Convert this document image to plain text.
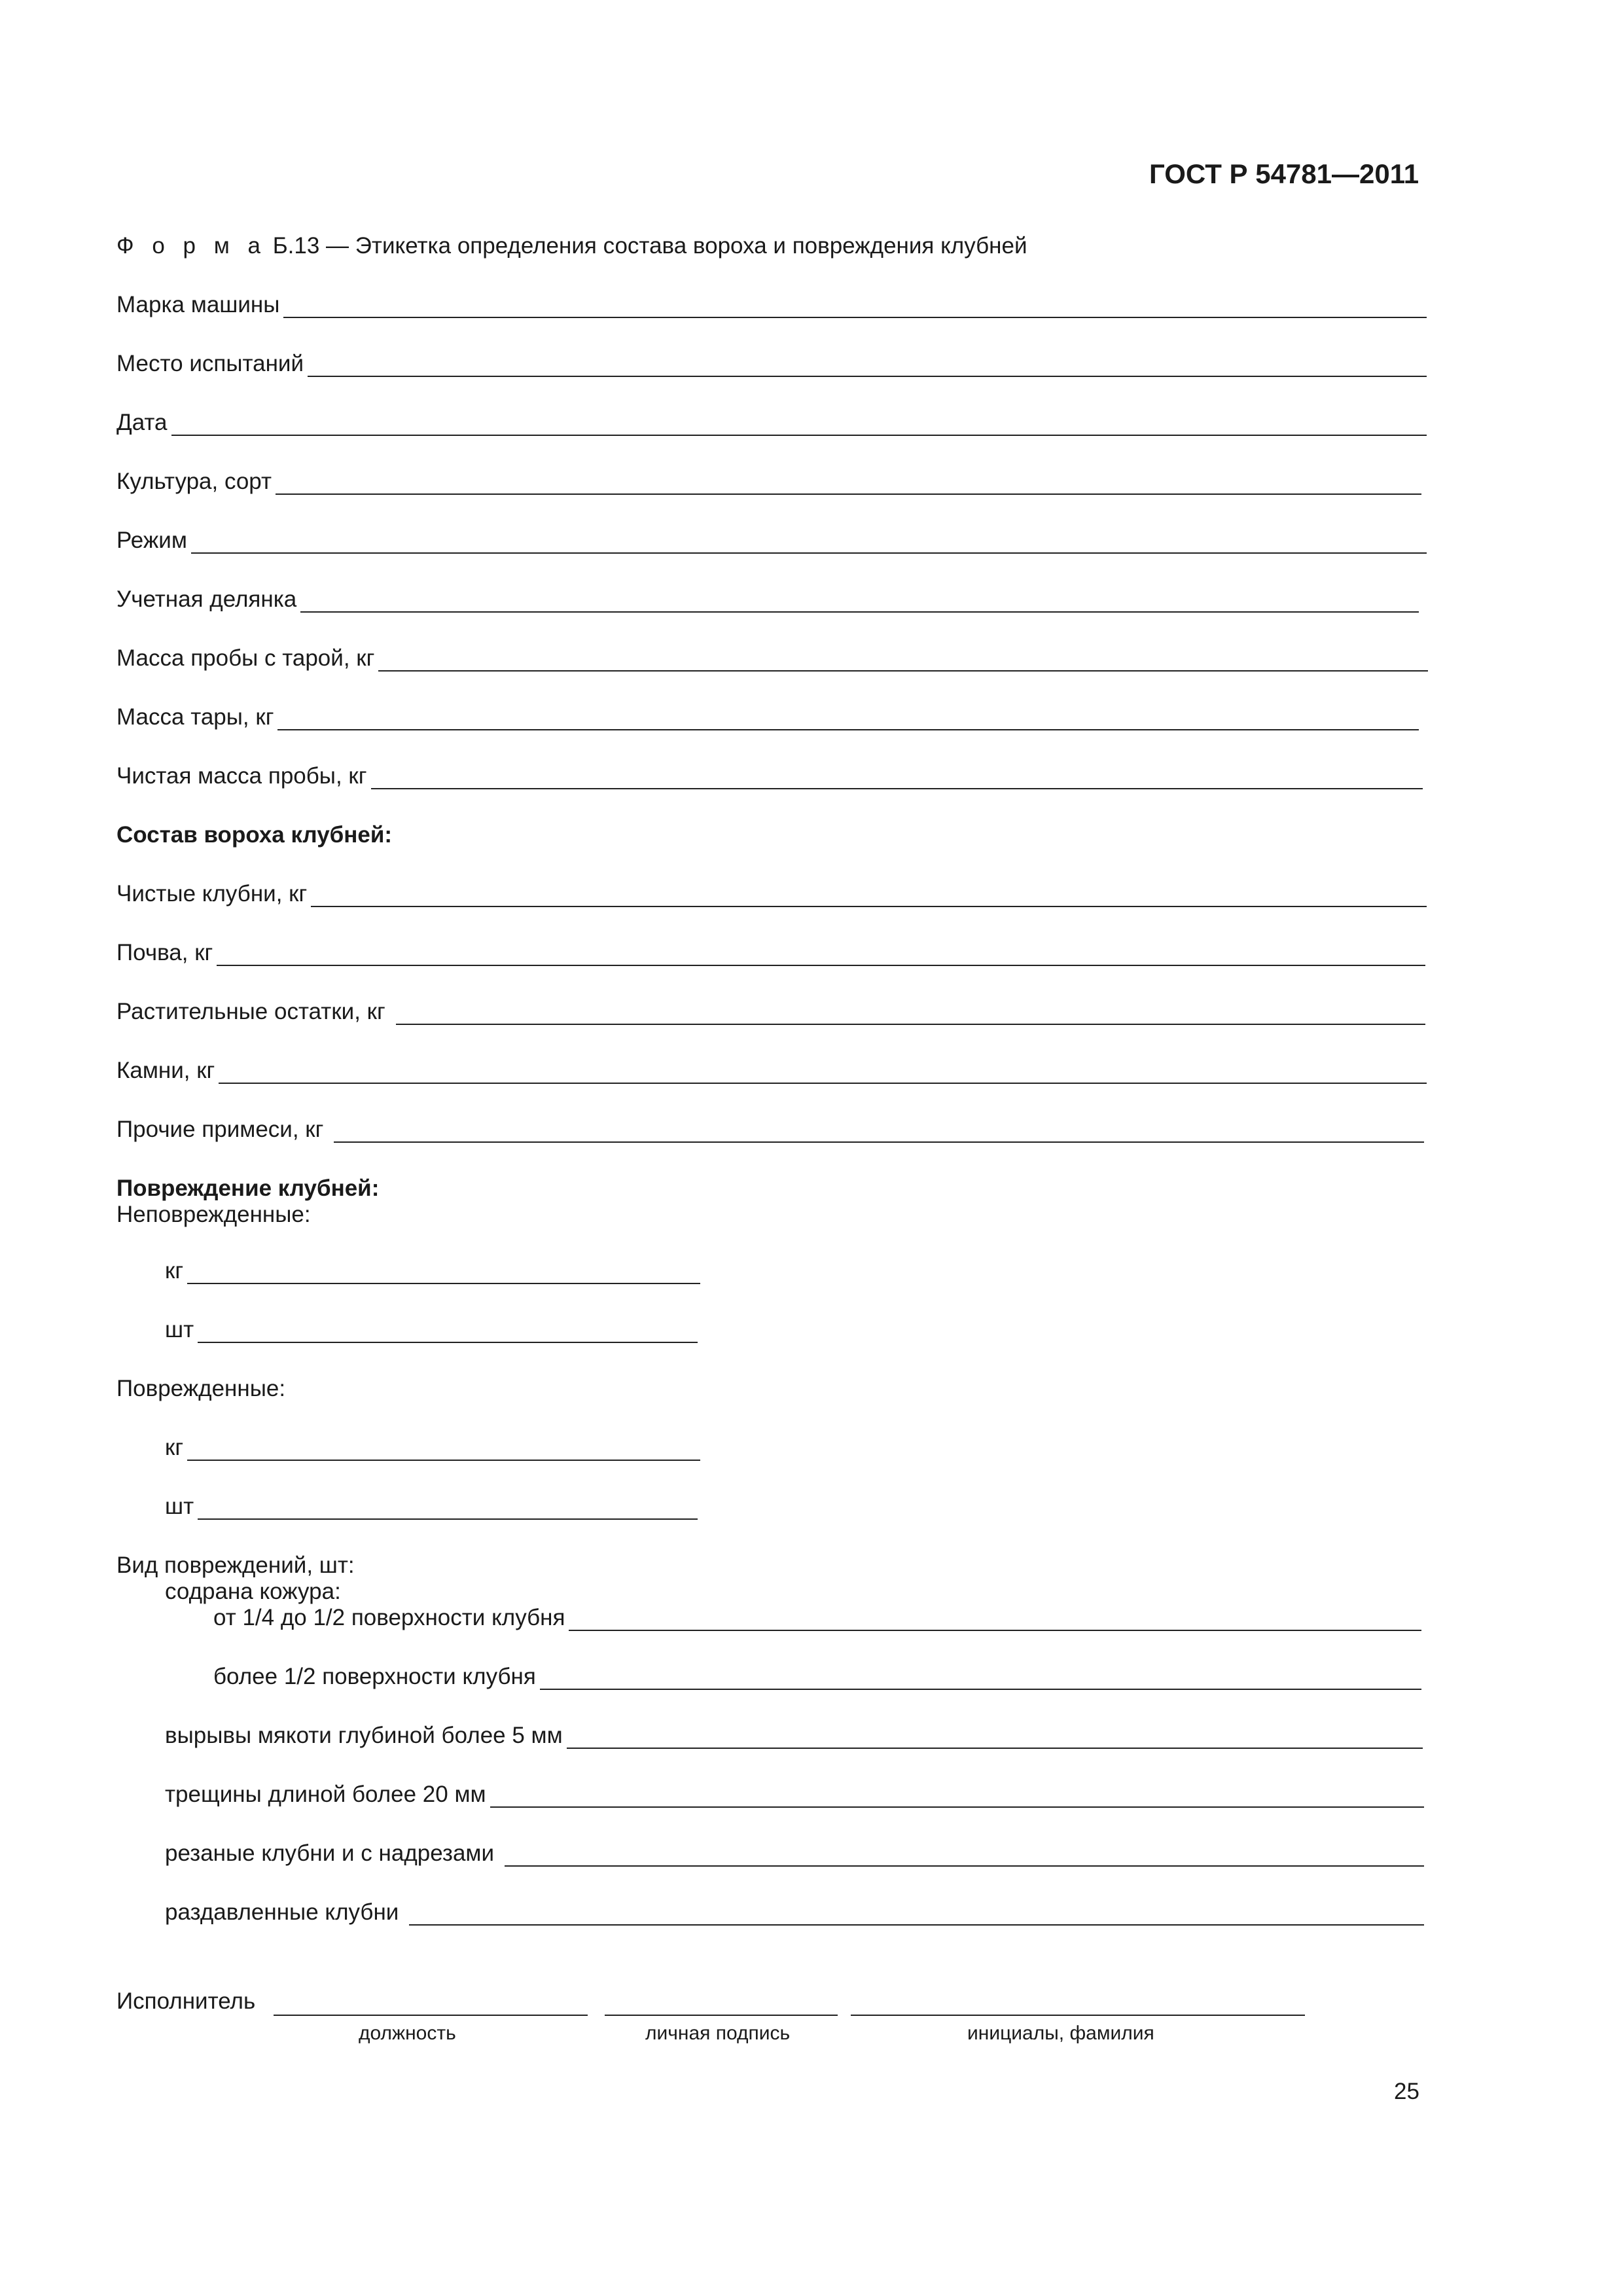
ГОСТ Р 54781—2011
Ф о р м а Б.13 — Этикетка определения состава вороха и повреждения клубней
Марка машины
Место испытаний
Дата
Культура, сорт
Режим
Учетная делянка
Масса пробы с тарой, кг
Масса тары, кг
Чистая масса пробы, кг
Состав вороха клубней:
Чистые клубни, кг
Почва, кг
Растительные остатки, кг
Камни, кг
Прочие примеси, кг
Повреждение клубней:
Неповрежденные:
кг
шт
Поврежденные:
кг
шт
Вид повреждений, шт:
содрана кожура:
от 1/4 до 1/2 поверхности клубня
более 1/2 поверхности клубня
вырывы мякоти глубиной более 5 мм
трещины длиной более 20 мм
резаные клубни и с надрезами
раздавленные клубни
Исполнитель
должность	личная подпись	инициалы, фамилия
25
